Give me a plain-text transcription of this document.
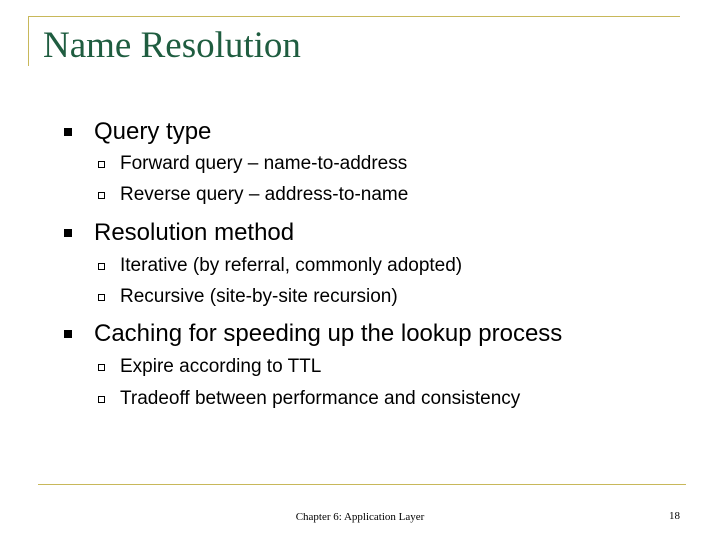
Name Resolution
Query type
Forward query – name-to-address
Reverse query – address-to-name
Resolution method
Iterative (by referral, commonly adopted)
Recursive (site-by-site recursion)
Caching for speeding up the lookup process
Expire according to TTL
Tradeoff between performance and consistency
Chapter 6: Application Layer	18
